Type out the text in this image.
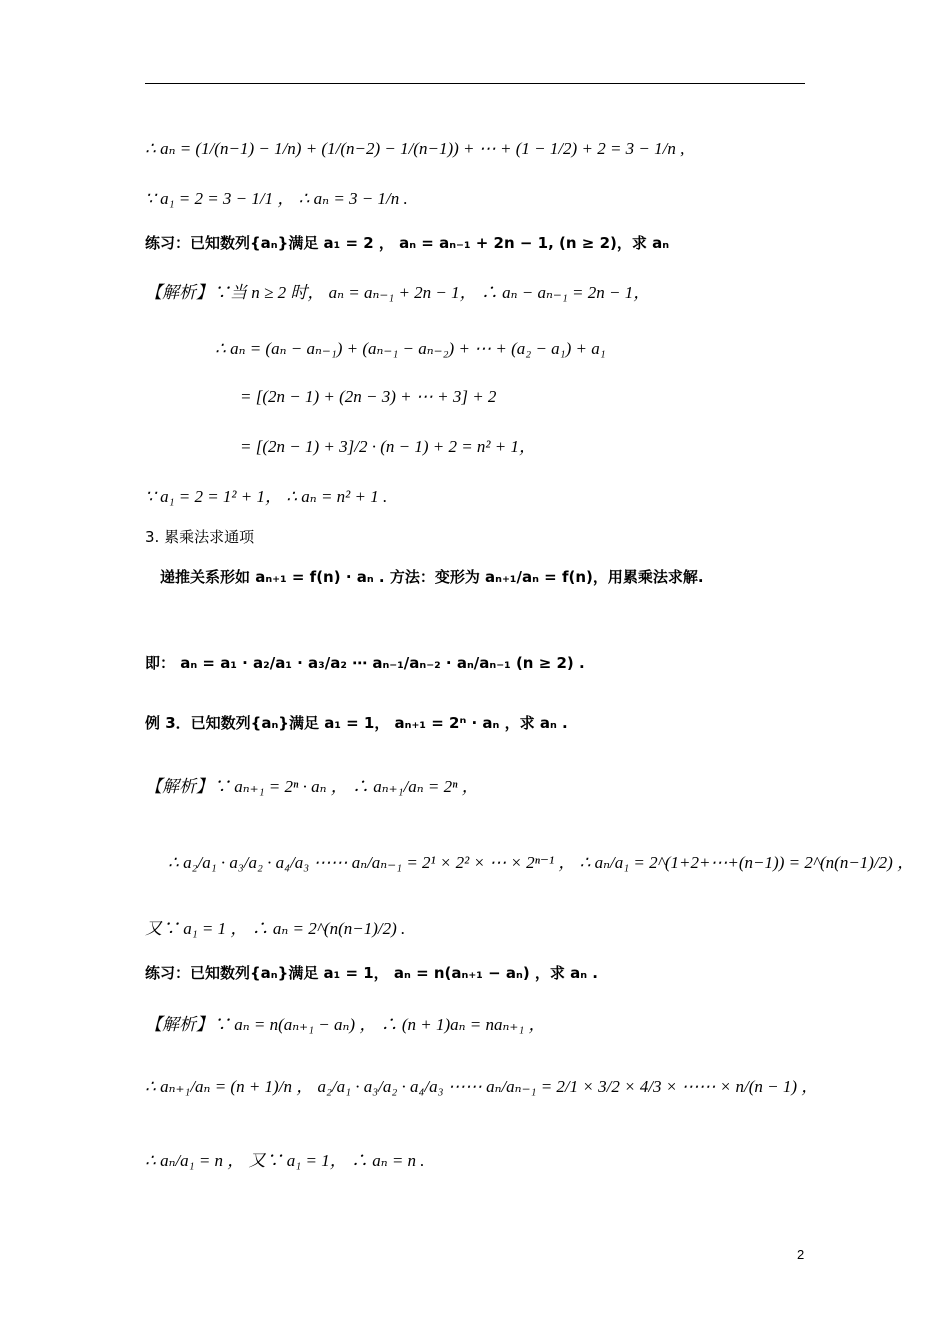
∴ aₙ = (1/(n−1) − 1/n) + (1/(n−2) − 1/(n−1)) + ⋯ + (1 − 1/2) + 2 = 3 − 1/n ,
∵ a₁ = 2 = 3 − 1/1 ， ∴ aₙ = 3 − 1/n .
练习：已知数列{aₙ}满足 a₁ = 2 ， aₙ = aₙ₋₁ + 2n − 1, (n ≥ 2)，求 aₙ
【解析】∵当 n ≥ 2 时， aₙ = aₙ₋₁ + 2n − 1， ∴ aₙ − aₙ₋₁ = 2n − 1，
∴ aₙ = (aₙ − aₙ₋₁) + (aₙ₋₁ − aₙ₋₂) + ⋯ + (a₂ − a₁) + a₁
= [(2n − 1) + (2n − 3) + ⋯ + 3] + 2
= [(2n − 1) + 3]/2 · (n − 1) + 2 = n² + 1，
∵ a₁ = 2 = 1² + 1， ∴ aₙ = n² + 1 .
3. 累乘法求通项
递推关系形如 aₙ₊₁ = f(n) · aₙ . 方法：变形为 aₙ₊₁/aₙ = f(n)，用累乘法求解.
即： aₙ = a₁ · a₂/a₁ · a₃/a₂ ⋯ aₙ₋₁/aₙ₋₂ · aₙ/aₙ₋₁ (n ≥ 2) .
例 3．已知数列{aₙ}满足 a₁ = 1， aₙ₊₁ = 2ⁿ · aₙ ，求 aₙ .
【解析】∵ aₙ₊₁ = 2ⁿ · aₙ ， ∴ aₙ₊₁/aₙ = 2ⁿ ，
∴ a₂/a₁ · a₃/a₂ · a₄/a₃ ⋯⋯ aₙ/aₙ₋₁ = 2¹ × 2² × ⋯ × 2ⁿ⁻¹ ， ∴ aₙ/a₁ = 2^(1+2+⋯+(n−1)) = 2^(n(n−1)/2) ，
又∵ a₁ = 1 ， ∴ aₙ = 2^(n(n−1)/2) .
练习：已知数列{aₙ}满足 a₁ = 1， aₙ = n(aₙ₊₁ − aₙ) ，求 aₙ .
【解析】∵ aₙ = n(aₙ₊₁ − aₙ) ， ∴ (n + 1)aₙ = naₙ₊₁ ，
∴ aₙ₊₁/aₙ = (n + 1)/n ， a₂/a₁ · a₃/a₂ · a₄/a₃ ⋯⋯ aₙ/aₙ₋₁ = 2/1 × 3/2 × 4/3 × ⋯⋯ × n/(n − 1) ，
∴ aₙ/a₁ = n ， 又∵ a₁ = 1， ∴ aₙ = n .
2
